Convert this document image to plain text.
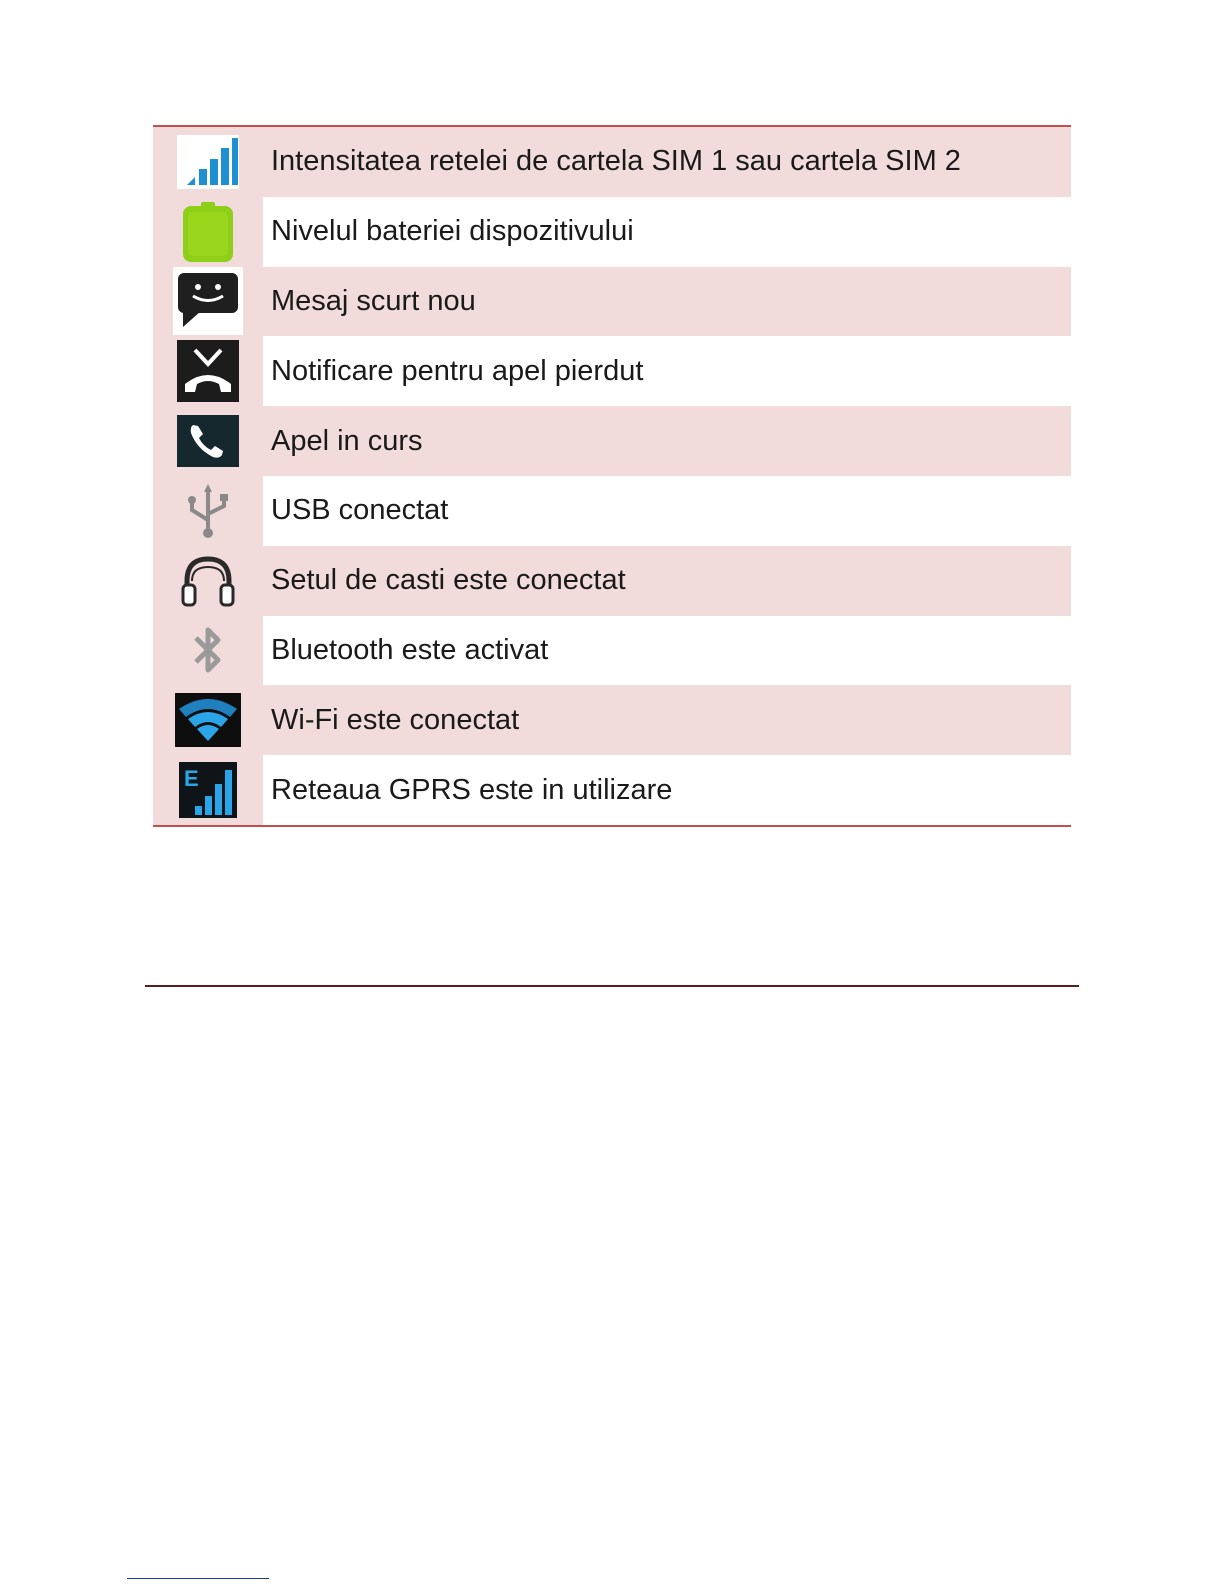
	Intensitatea retelei de cartela SIM 1 sau cartela SIM 2

	Nivelul bateriei dispozitivului

	Mesaj scurt nou

	Notificare pentru apel pierdut

	Apel in curs

	USB conectat

	Setul de casti este conectat

	Bluetooth este activat

	Wi-Fi este conectat

E	Reteaua GPRS este in utilizare
